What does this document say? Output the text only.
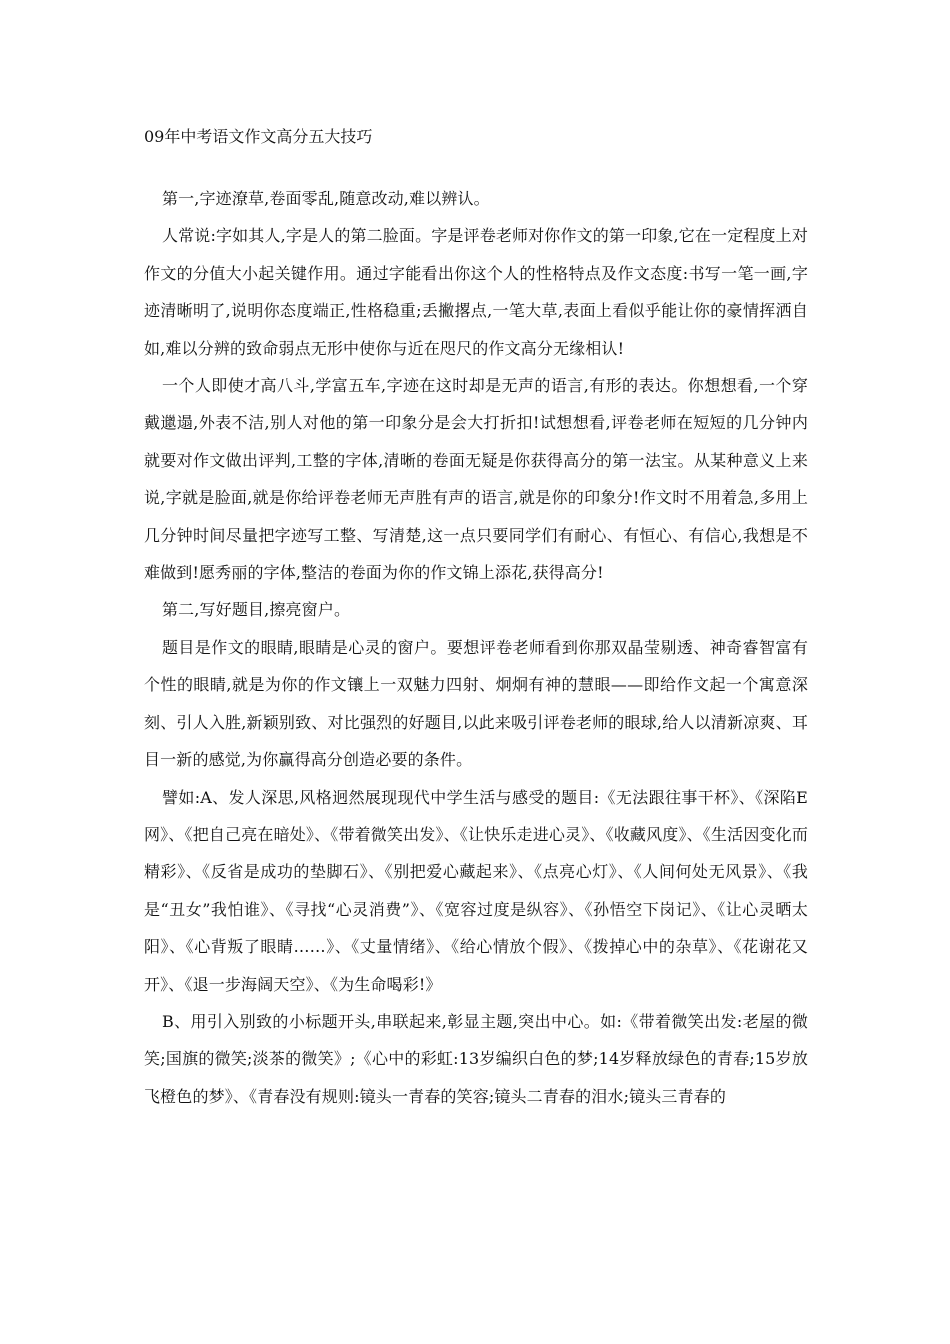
09年中考语文作文高分五大技巧

第一,字迹潦草,卷面零乱,随意改动,难以辨认。

人常说:字如其人,字是人的第二脸面。字是评卷老师对你作文的第一印象,它在一定程度上对作文的分值大小起关键作用。通过字能看出你这个人的性格特点及作文态度:书写一笔一画,字迹清晰明了,说明你态度端正,性格稳重;丢撇撂点,一笔大草,表面上看似乎能让你的豪情挥洒自如,难以分辨的致命弱点无形中使你与近在咫尺的作文高分无缘相认!

一个人即使才高八斗,学富五车,字迹在这时却是无声的语言,有形的表达。你想想看,一个穿戴邋遢,外表不洁,别人对他的第一印象分是会大打折扣!试想想看,评卷老师在短短的几分钟内就要对作文做出评判,工整的字体,清晰的卷面无疑是你获得高分的第一法宝。从某种意义上来说,字就是脸面,就是你给评卷老师无声胜有声的语言,就是你的印象分!作文时不用着急,多用上几分钟时间尽量把字迹写工整、写清楚,这一点只要同学们有耐心、有恒心、有信心,我想是不难做到!愿秀丽的字体,整洁的卷面为你的作文锦上添花,获得高分!

第二,写好题目,擦亮窗户。

题目是作文的眼睛,眼睛是心灵的窗户。要想评卷老师看到你那双晶莹剔透、神奇睿智富有个性的眼睛,就是为你的作文镶上一双魅力四射、炯炯有神的慧眼——即给作文起一个寓意深刻、引人入胜,新颖别致、对比强烈的好题目,以此来吸引评卷老师的眼球,给人以清新凉爽、耳目一新的感觉,为你赢得高分创造必要的条件。

譬如:A、发人深思,风格迥然展现现代中学生活与感受的题目:《无法跟往事干杯》、《深陷E网》、《把自己亮在暗处》、《带着微笑出发》、《让快乐走进心灵》、《收藏风度》、《生活因变化而精彩》、《反省是成功的垫脚石》、《别把爱心藏起来》、《点亮心灯》、《人间何处无风景》、《我是“丑女”我怕谁》、《寻找“心灵消费”》、《宽容过度是纵容》、《孙悟空下岗记》、《让心灵晒太阳》、《心背叛了眼睛……》、《丈量情绪》、《给心情放个假》、《拨掉心中的杂草》、《花谢花又开》、《退一步海阔天空》、《为生命喝彩!》

B、用引入别致的小标题开头,串联起来,彰显主题,突出中心。如:《带着微笑出发:老屋的微笑;国旗的微笑;淡茶的微笑》;《心中的彩虹:13岁编织白色的梦;14岁释放绿色的青春;15岁放飞橙色的梦》、《青春没有规则:镜头一青春的笑容;镜头二青春的泪水;镜头三青春的
